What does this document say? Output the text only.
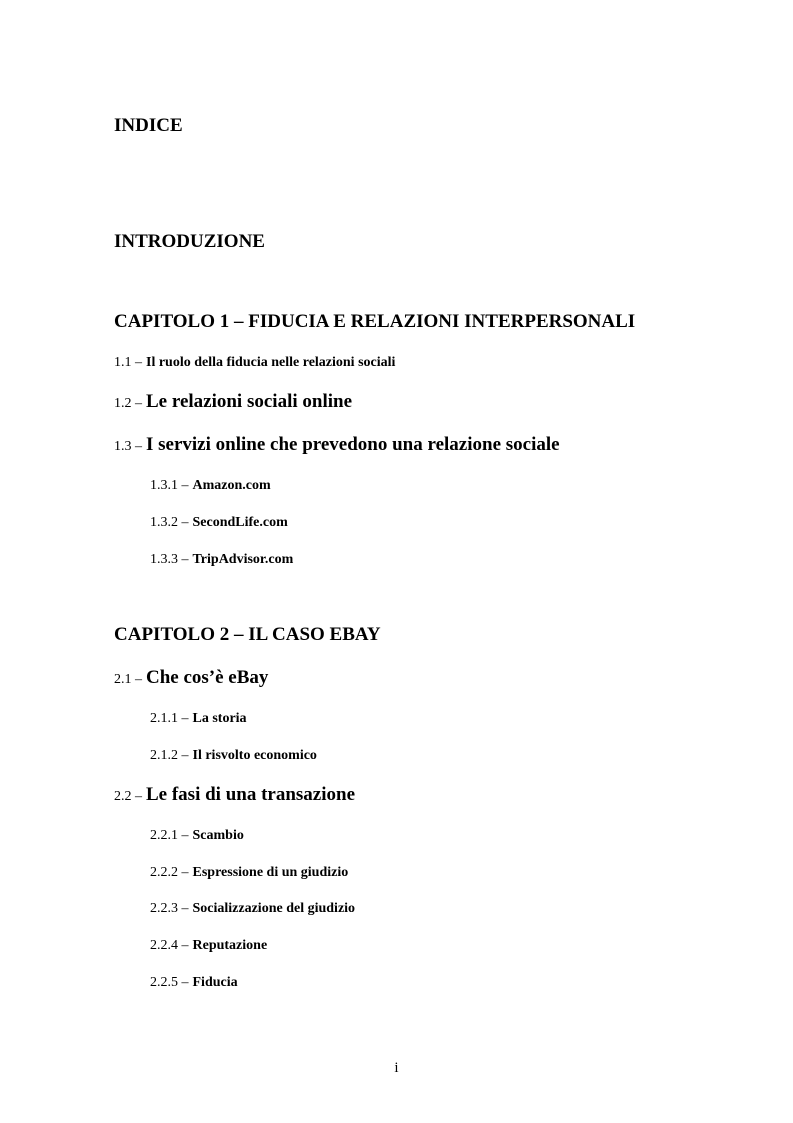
INDICE
INTRODUZIONE
CAPITOLO 1 – FIDUCIA E RELAZIONI INTERPERSONALI
1.1 – Il ruolo della fiducia nelle relazioni sociali
1.2 – Le relazioni sociali online
1.3 – I servizi online che prevedono una relazione sociale
1.3.1 – Amazon.com
1.3.2 – SecondLife.com
1.3.3 – TripAdvisor.com
CAPITOLO 2 – IL CASO EBAY
2.1 – Che cos’è eBay
2.1.1 – La storia
2.1.2 – Il risvolto economico
2.2 – Le fasi di una transazione
2.2.1 – Scambio
2.2.2 – Espressione di un giudizio
2.2.3 – Socializzazione del giudizio
2.2.4 – Reputazione
2.2.5 – Fiducia
i
